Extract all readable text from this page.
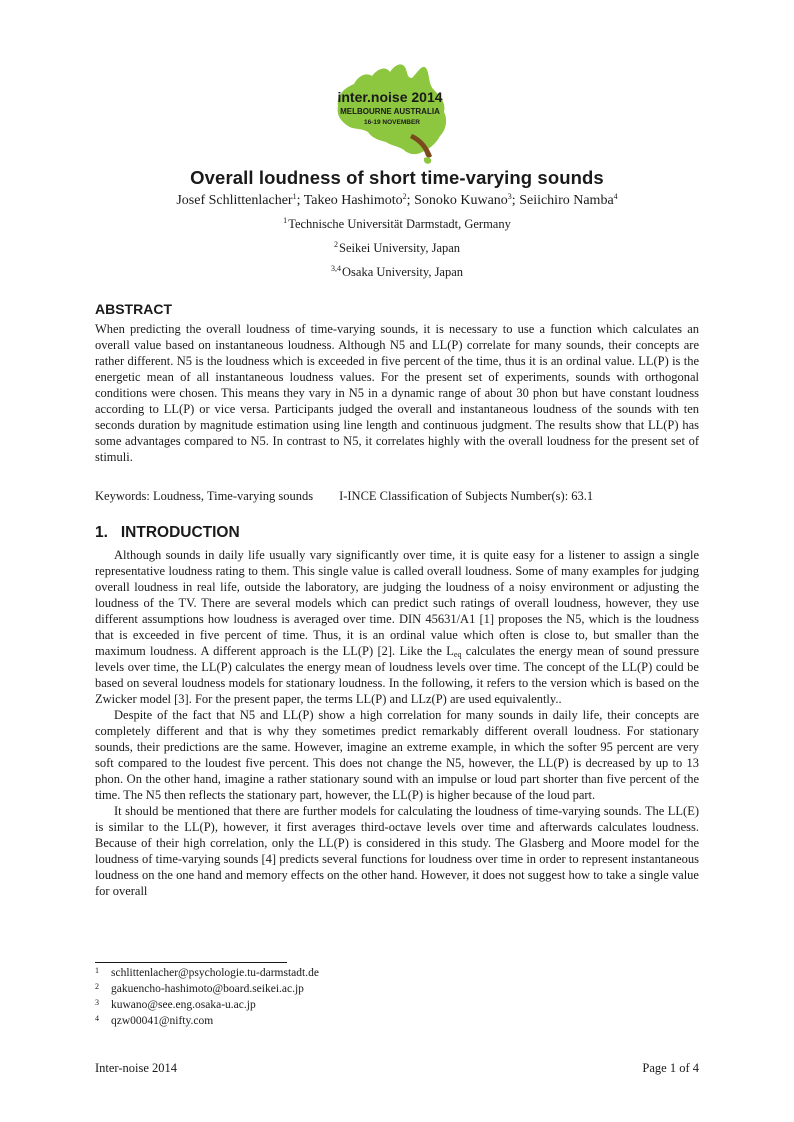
inter.noise 2014
MELBOURNE AUSTRALIA
16-19 NOVEMBER
Overall loudness of short time-varying sounds
Josef Schlittenlacher$^1$; Takeo Hashimoto$^2$; Sonoko Kuwano$^3$; Seiichiro Namba$^4$
$^1$ Technische Universität Darmstadt, Germany
$^2$ Seikei University, Japan
$^{3,4}$ Osaka University, Japan
ABSTRACT

When predicting the overall loudness of time-varying sounds, it is necessary to use a function which calculates an overall value based on instantaneous loudness. Although N5 and LL(P) correlate for many sounds, their concepts are rather different. N5 is the loudness which is exceeded in five percent of the time, thus it is an ordinal value. LL(P) is the energetic mean of all instantaneous loudness values. For the present set of experiments, sounds with orthogonal conditions were chosen. This means they vary in N5 in a dynamic range of about 30 phon but have constant loudness according to LL(P) or vice versa. Participants judged the overall and instantaneous loudness of the sounds with ten seconds duration by magnitude estimation using line length and continuous judgment. The results show that LL(P) has some advantages compared to N5. In contrast to N5, it correlates highly with the overall loudness for the present set of stimuli.

Keywords: Loudness, Time-varying sounds I-INCE Classification of Subjects Number(s): 63.1
1.   INTRODUCTION

Although sounds in daily life usually vary significantly over time, it is quite easy for a listener to assign a single representative loudness rating to them. This single value is called overall loudness. Some of many examples for judging overall loudness in real life, outside the laboratory, are judging the loudness of a noisy environment or adjusting the loudness of the TV. There are several models which can predict such ratings of overall loudness, however, they use different assumptions how loudness is averaged over time. DIN 45631/A1 [1] proposes the N5, which is the loudness that is exceeded in five percent of time. Thus, it is an ordinal value which often is close to, but smaller than the maximum loudness. A different approach is the LL(P) [2]. Like the $L_{eq}$ calculates the energy mean of sound pressure levels over time, the LL(P) calculates the energy mean of loudness levels over time. The concept of the LL(P) could be based on several loudness models for stationary loudness. In the following, it refers to the version which is based on the Zwicker model [3]. For the present paper, the terms LL(P) and LLz(P) are used equivalently..

Despite of the fact that N5 and LL(P) show a high correlation for many sounds in daily life, their concepts are completely different and that is why they sometimes predict remarkably different overall loudness. For stationary sounds, their predictions are the same. However, imagine an extreme example, in which the softer 95 percent are very soft compared to the loudest five percent. This does not change the N5, however, the LL(P) is decreased by up to 13 phon. On the other hand, imagine a rather stationary sound with an impulse or loud part shorter than five percent of the time. The N5 then reflects the stationary part, however, the LL(P) is higher because of the loud part.

It should be mentioned that there are further models for calculating the loudness of time-varying sounds. The LL(E) is similar to the LL(P), however, it first averages third-octave levels over time and afterwards calculates loudness. Because of their high correlation, only the LL(P) is considered in this study. The Glasberg and Moore model for the loudness of time-varying sounds [4] predicts several functions for loudness over time in order to represent instantaneous loudness on the one hand and memory effects on the other hand. However, it does not suggest how to take a single value for overall

1 schlittenlacher@psychologie.tu-darmstadt.de
2 gakuencho-hashimoto@board.seikei.ac.jp
3 kuwano@see.eng.osaka-u.ac.jp
4 qzw00041@nifty.com
Inter-noise 2014	Page 1 of 4
